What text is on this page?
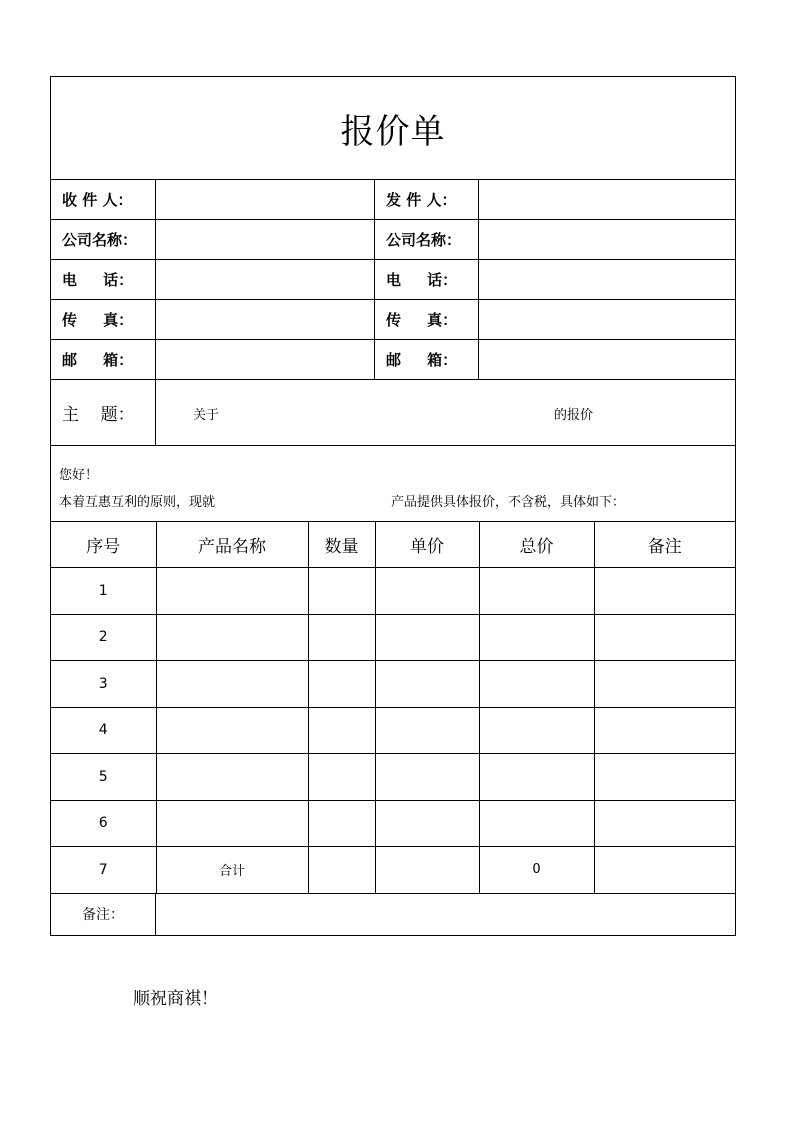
报价单
收 件 人：	发 件 人：
公司名称：	公司名称：
电     话：	电     话：
传     真：	传     真：
邮     箱：	邮     箱：
主    题：	关于	的报价
您好！
本着互惠互利的原则，现就	产品提供具体报价，不含税，具体如下：
序号	产品名称	数量	单价	总价	备注
1					
2					
3					
4					
5					
6					
7	合计			0	
备注：
顺祝商祺！
